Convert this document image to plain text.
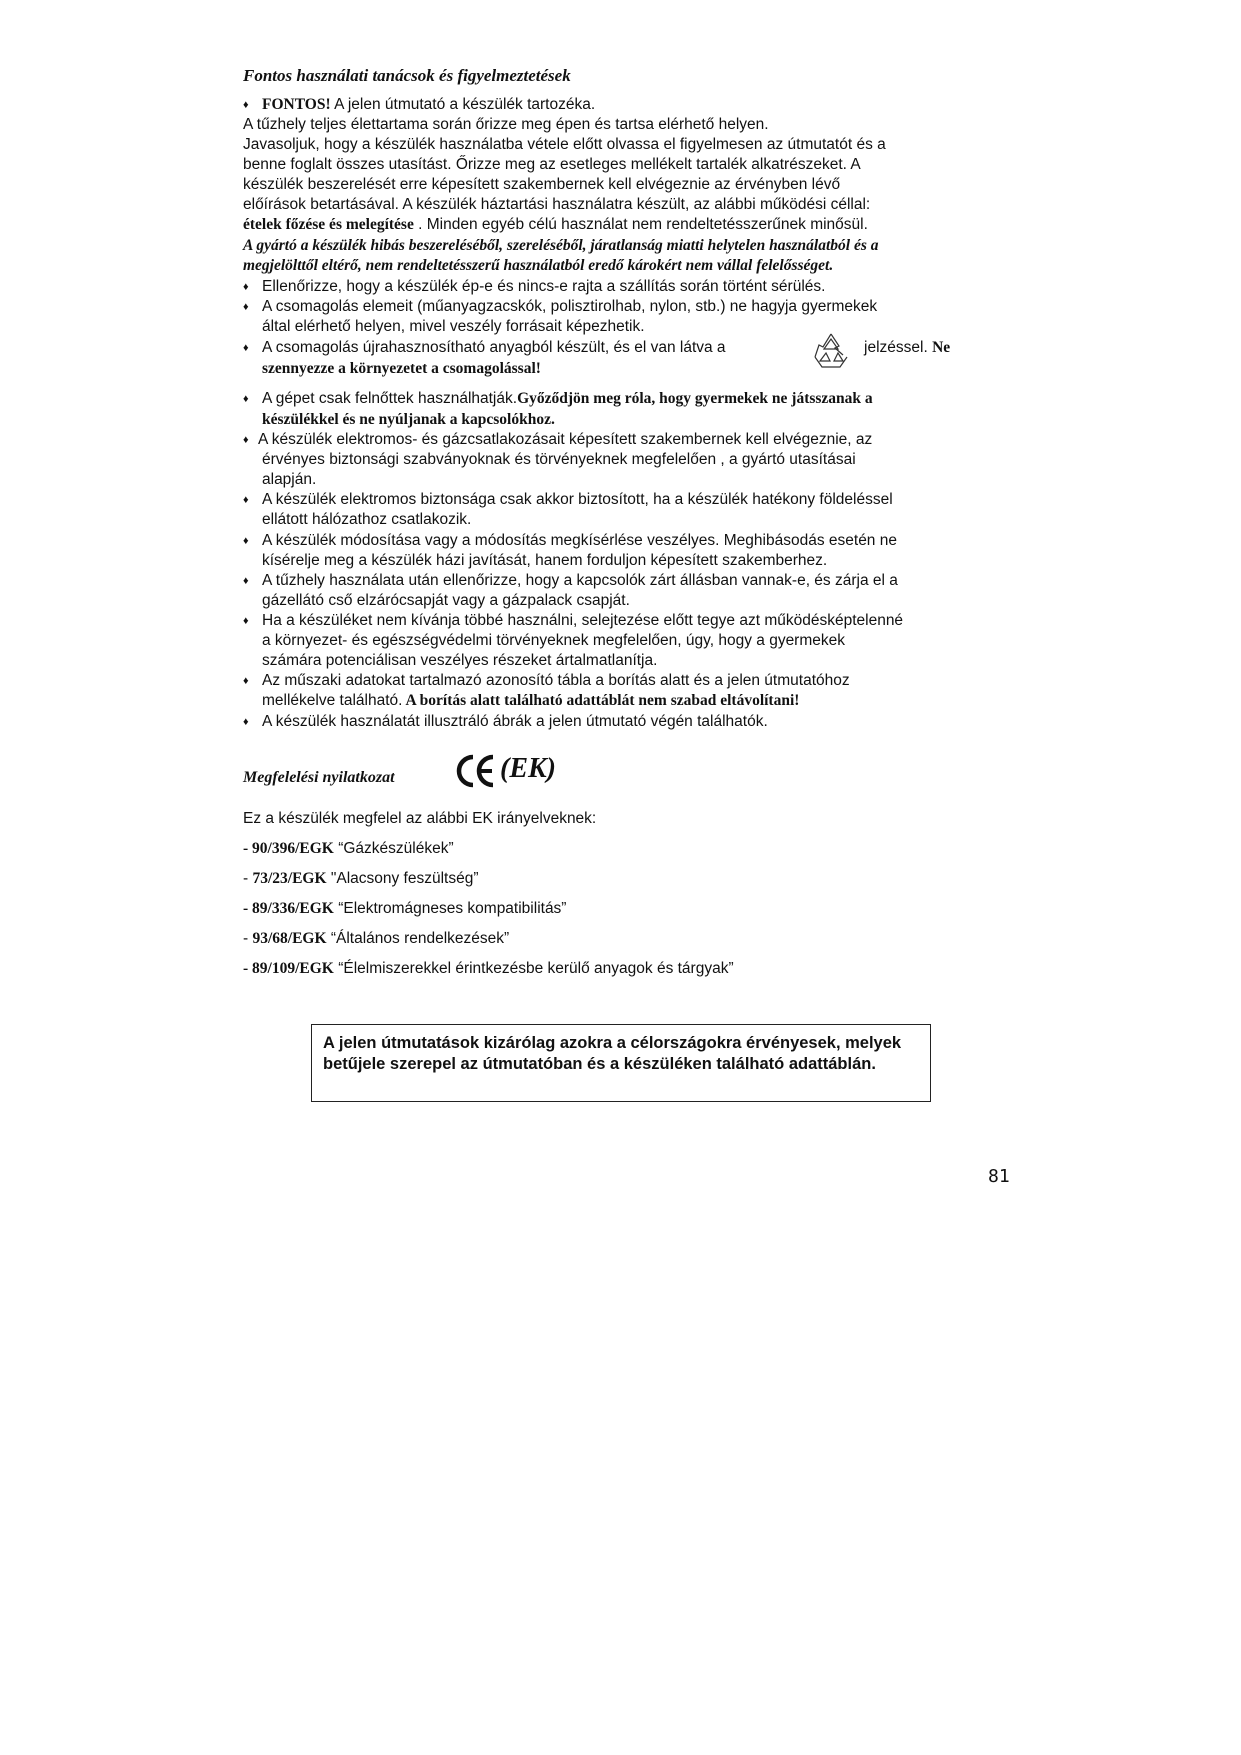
Fontos használati tanácsok és figyelmeztetések
♦ FONTOS! A jelen útmutató a készülék tartozéka.
A tűzhely teljes élettartama során őrizze meg épen és tartsa elérhető helyen.
Javasoljuk, hogy a készülék használatba vétele előtt olvassa el figyelmesen az útmutatót és a
benne foglalt összes utasítást. Őrizze meg az esetleges mellékelt tartalék alkatrészeket. A
készülék beszerelését erre képesített szakembernek kell elvégeznie az érvényben lévő
előírások betartásával. A készülék háztartási használatra készült, az alábbi működési céllal:
ételek főzése és melegítése . Minden egyéb célú használat nem rendeltetésszerűnek minősül.
A gyártó a készülék hibás beszereléséből, szereléséből, járatlanság miatti helytelen használatból és a
megjelölttől eltérő, nem rendeltetésszerű használatból eredő károkért nem vállal felelősséget.
♦ Ellenőrizze, hogy a készülék ép-e és nincs-e rajta a szállítás során történt sérülés.
♦ A csomagolás elemeit (műanyagzacskók, polisztirolhab, nylon, stb.) ne hagyja gyermekek
által elérhető helyen, mivel veszély forrásait képezhetik.
♦ A csomagolás újrahasznosítható anyagból készült, és el van látva a	jelzéssel. Ne
szennyezze a környezetet a csomagolással!
♦ A gépet csak felnőttek használhatják.Győződjön meg róla, hogy gyermekek ne játsszanak a
készülékkel és ne nyúljanak a kapcsolókhoz.
♦ A készülék elektromos- és gázcsatlakozásait képesített szakembernek kell elvégeznie, az
érvényes biztonsági szabványoknak és törvényeknek megfelelően , a gyártó utasításai
alapján.
♦ A készülék elektromos biztonsága csak akkor biztosított, ha a készülék hatékony földeléssel
ellátott hálózathoz csatlakozik.
♦ A készülék módosítása vagy a módosítás megkísérlése veszélyes. Meghibásodás esetén ne
kísérelje meg a készülék házi javítását, hanem forduljon képesített szakemberhez.
♦ A tűzhely használata után ellenőrizze, hogy a kapcsolók zárt állásban vannak-e, és zárja el a
gázellátó cső elzárócsapját vagy a gázpalack csapját.
♦ Ha a készüléket nem kívánja többé használni, selejtezése előtt tegye azt működésképtelenné
a környezet- és egészségvédelmi törvényeknek megfelelően, úgy, hogy a gyermekek
számára potenciálisan veszélyes részeket ártalmatlanítja.
♦ Az műszaki adatokat tartalmazó azonosító tábla a borítás alatt és a jelen útmutatóhoz
mellékelve található. A borítás alatt található adattáblát nem szabad eltávolítani!
♦ A készülék használatát illusztráló ábrák a jelen útmutató végén találhatók.
Megfelelési nyilatkozat	(EK)
Ez a készülék megfelel az alábbi EK irányelveknek:
- 90/396/EGK “Gázkészülékek”
- 73/23/EGK "Alacsony feszültség”
- 89/336/EGK “Elektromágneses kompatibilitás”
- 93/68/EGK “Általános rendelkezések”
- 89/109/EGK “Élelmiszerekkel érintkezésbe kerülő anyagok és tárgyak”
A jelen útmutatások kizárólag azokra a célországokra érvényesek, melyek betűjele szerepel az útmutatóban és a készüléken található adattáblán.
81
